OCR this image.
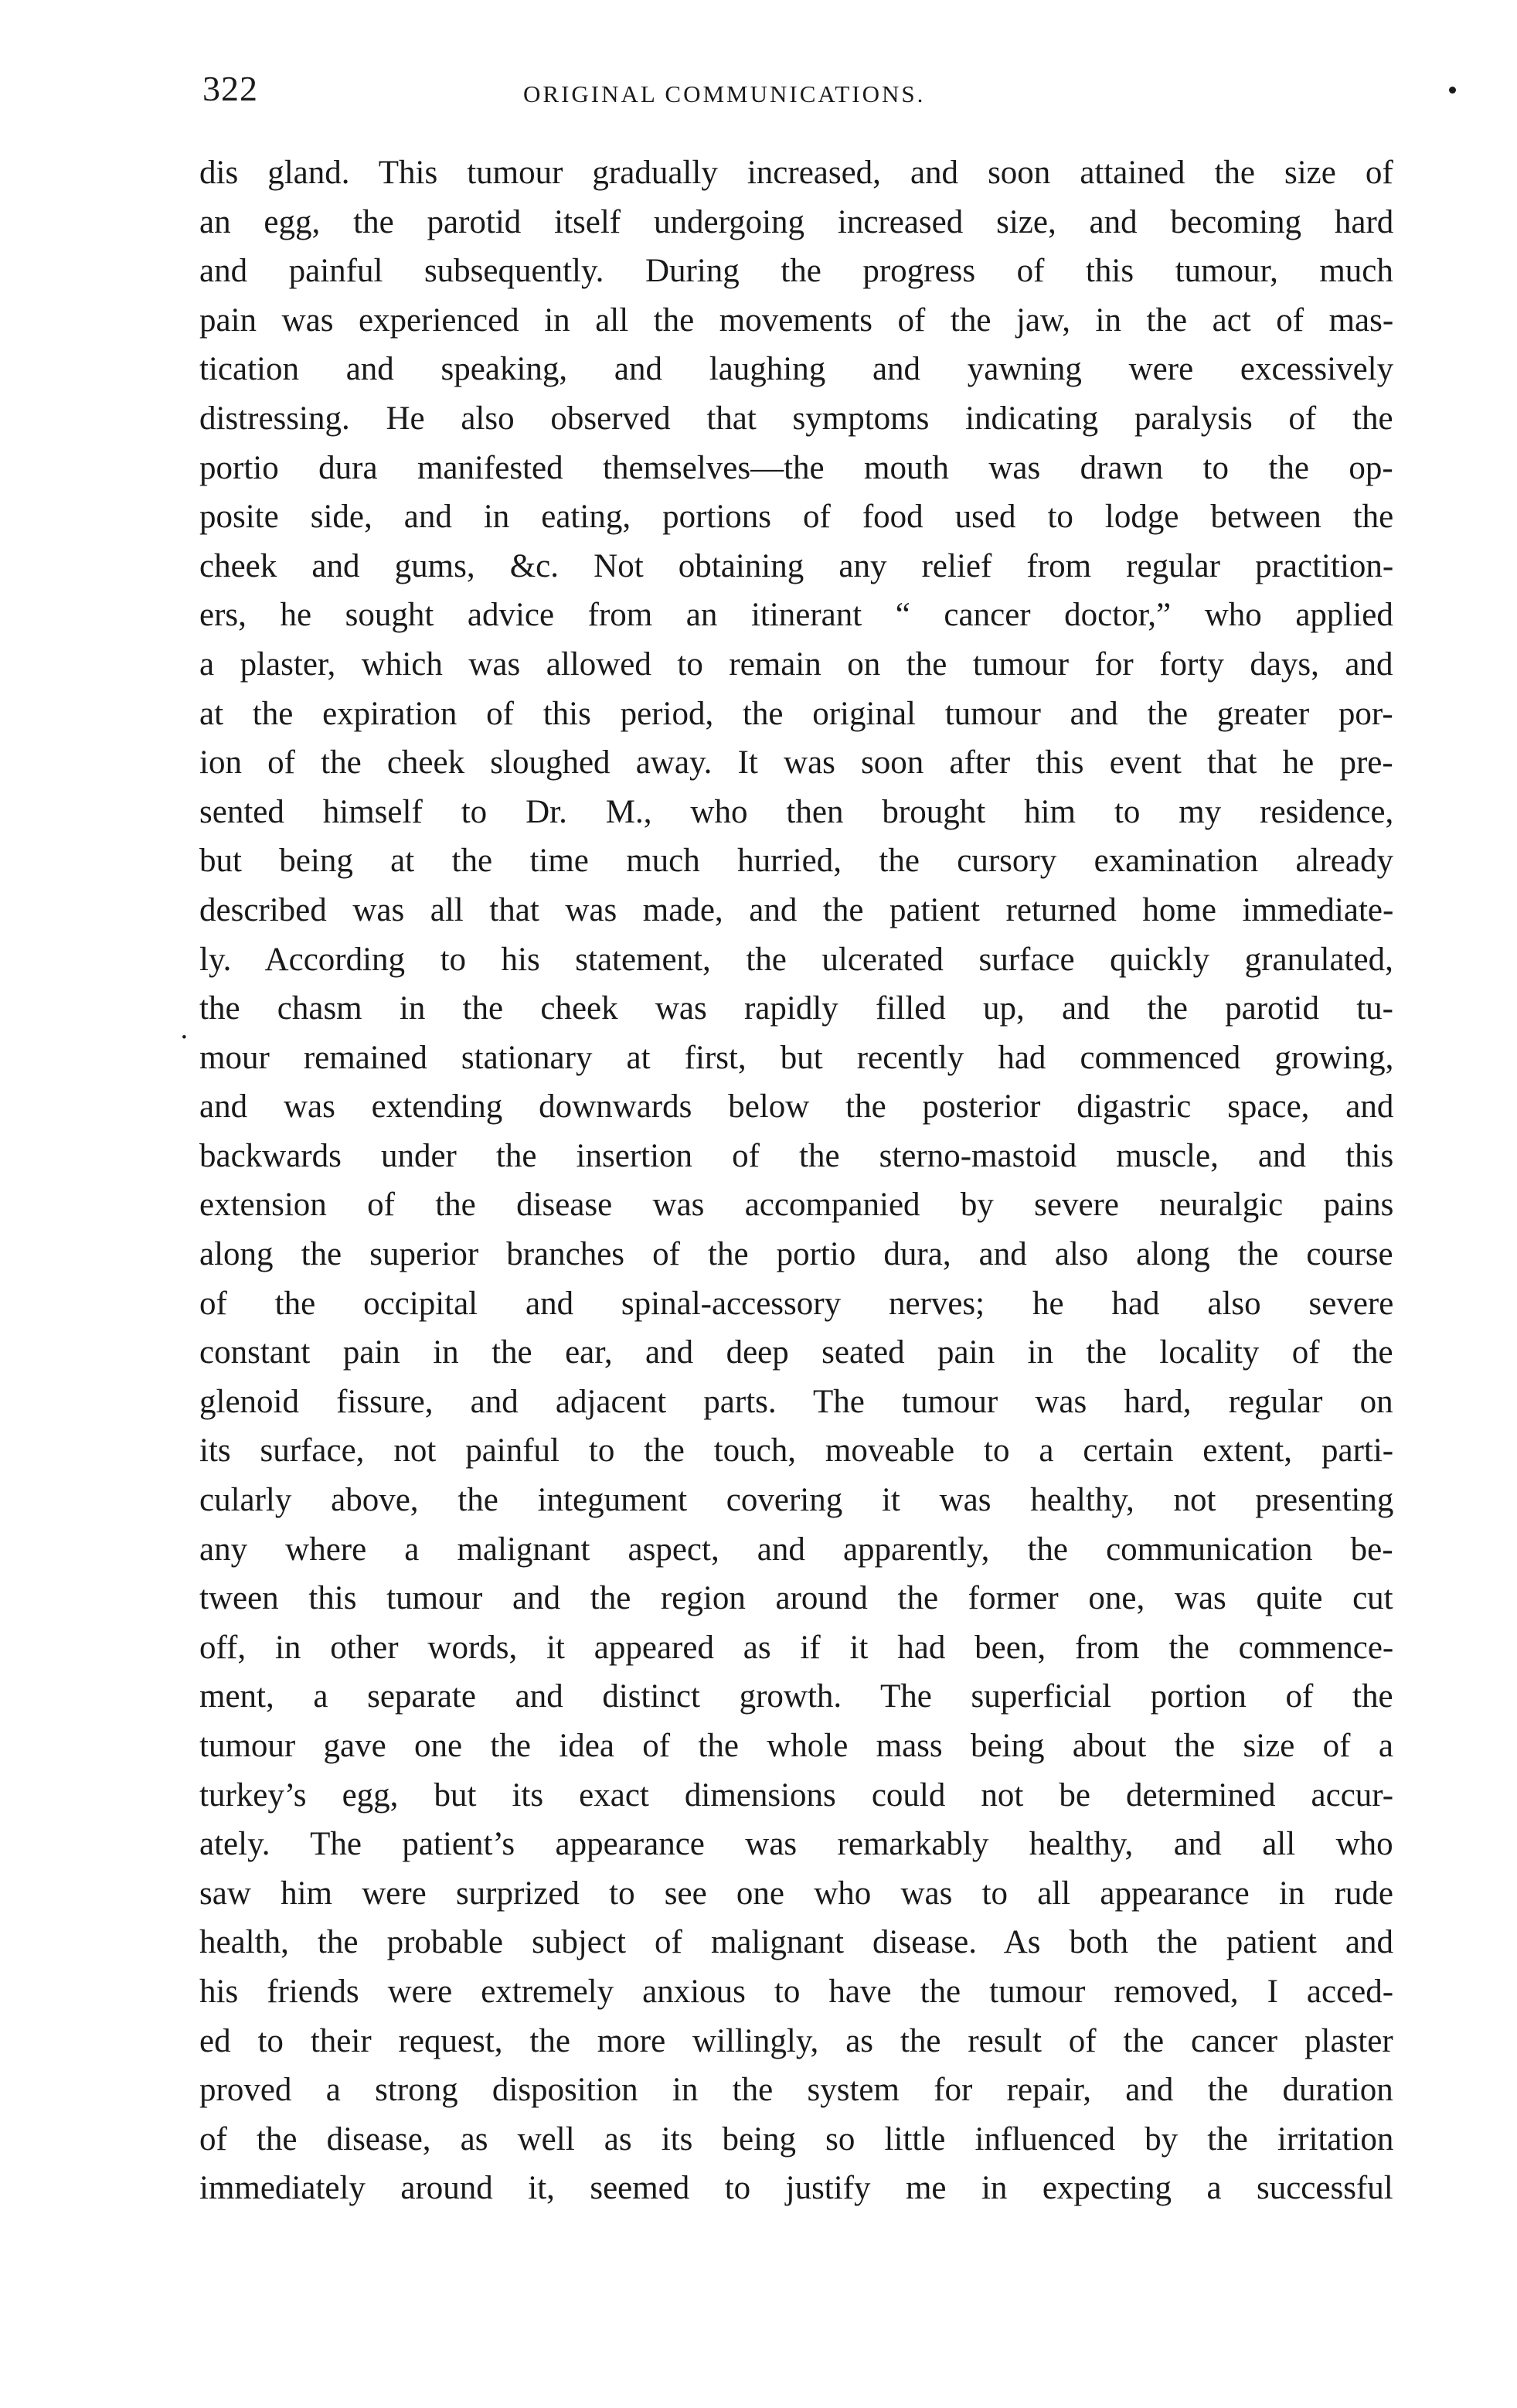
322	ORIGINAL COMMUNICATIONS.
·
dis gland. This tumour gradually increased, and soon attained the size of
an egg, the parotid itself undergoing increased size, and becoming hard
and painful subsequently. During the progress of this tumour, much
pain was experienced in all the movements of the jaw, in the act of mas-
tication and speaking, and laughing and yawning were excessively
distressing. He also observed that symptoms indicating paralysis of the
portio dura manifested themselves—the mouth was drawn to the op-
posite side, and in eating, portions of food used to lodge between the
cheek and gums, &c. Not obtaining any relief from regular practition-
ers, he sought advice from an itinerant “ cancer doctor,” who applied
a plaster, which was allowed to remain on the tumour for forty days, and
at the expiration of this period, the original tumour and the greater por-
ion of the cheek sloughed away. It was soon after this event that he pre-
sented himself to Dr. M., who then brought him to my residence,
but being at the time much hurried, the cursory examination already
described was all that was made, and the patient returned home immediate-
ly. According to his statement, the ulcerated surface quickly granulated,
the chasm in the cheek was rapidly filled up, and the parotid tu-
mour remained stationary at first, but recently had commenced growing,
and was extending downwards below the posterior digastric space, and
backwards under the insertion of the sterno-mastoid muscle, and this
extension of the disease was accompanied by severe neuralgic pains
along the superior branches of the portio dura, and also along the course
of the occipital and spinal-accessory nerves; he had also severe
constant pain in the ear, and deep seated pain in the locality of the
glenoid fissure, and adjacent parts. The tumour was hard, regular on
its surface, not painful to the touch, moveable to a certain extent, parti-
cularly above, the integument covering it was healthy, not presenting
any where a malignant aspect, and apparently, the communication be-
tween this tumour and the region around the former one, was quite cut
off, in other words, it appeared as if it had been, from the commence-
ment, a separate and distinct growth. The superficial portion of the
tumour gave one the idea of the whole mass being about the size of a
turkey’s egg, but its exact dimensions could not be determined accur-
ately. The patient’s appearance was remarkably healthy, and all who
saw him were surprized to see one who was to all appearance in rude
health, the probable subject of malignant disease. As both the patient and
his friends were extremely anxious to have the tumour removed, I acced-
ed to their request, the more willingly, as the result of the cancer plaster
proved a strong disposition in the system for repair, and the duration
of the disease, as well as its being so little influenced by the irritation
immediately around it, seemed to justify me in expecting a successful
